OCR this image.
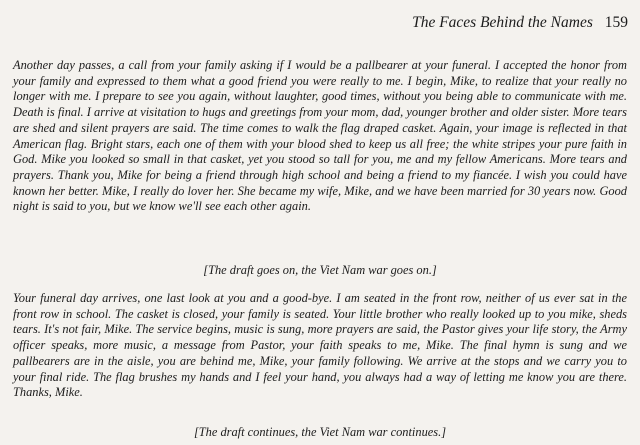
The Faces Behind the Names 159

Another day passes, a call from your family asking if I would be a pallbearer at your funeral. I accepted the honor from your family and expressed to them what a good friend you were really to me. I begin, Mike, to realize that your really no longer with me. I prepare to see you again, without laughter, good times, without you being able to communicate with me. Death is final. I arrive at visitation to hugs and greetings from your mom, dad, younger brother and older sister. More tears are shed and silent prayers are said. The time comes to walk the flag draped casket. Again, your image is reflected in that American flag. Bright stars, each one of them with your blood shed to keep us all free; the white stripes your pure faith in God. Mike you looked so small in that casket, yet you stood so tall for you, me and my fellow Americans. More tears and prayers. Thank you, Mike for being a friend through high school and being a friend to my fiancée. I wish you could have known her better. Mike, I really do lover her. She became my wife, Mike, and we have been married for 30 years now. Good night is said to you, but we know we'll see each other again.

[The draft goes on, the Viet Nam war goes on.]

Your funeral day arrives, one last look at you and a good-bye. I am seated in the front row, neither of us ever sat in the front row in school. The casket is closed, your family is seated. Your little brother who really looked up to you mike, sheds tears. It's not fair, Mike. The service begins, music is sung, more prayers are said, the Pastor gives your life story, the Army officer speaks, more music, a message from Pastor, your faith speaks to me, Mike. The final hymn is sung and we pallbearers are in the aisle, you are behind me, Mike, your family following. We arrive at the stops and we carry you to your final ride. The flag brushes my hands and I feel your hand, you always had a way of letting me know you are there. Thanks, Mike.

[The draft continues, the Viet Nam war continues.]
